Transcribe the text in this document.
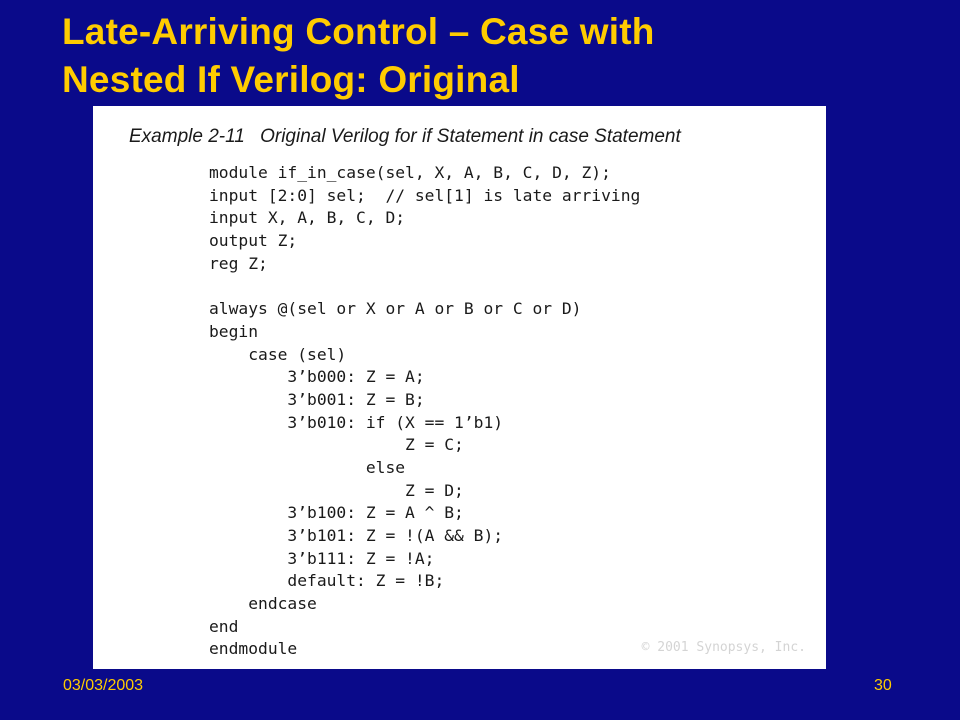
Late-Arriving Control – Case with
Nested If Verilog: Original
Example 2-11 Original Verilog for if Statement in case Statement
module if_in_case(sel, X, A, B, C, D, Z);
input [2:0] sel;  // sel[1] is late arriving
input X, A, B, C, D;
output Z;
reg Z;
always @(sel or X or A or B or C or D)
begin
case (sel)
3’b000: Z = A;
3’b001: Z = B;
3’b010: if (X == 1’b1)
Z = C;
else
Z = D;
3’b100: Z = A ^ B;
3’b101: Z = !(A && B);
3’b111: Z = !A;
default: Z = !B;
endcase
end
endmodule	© 2001 Synopsys, Inc.
03/03/2003	30
